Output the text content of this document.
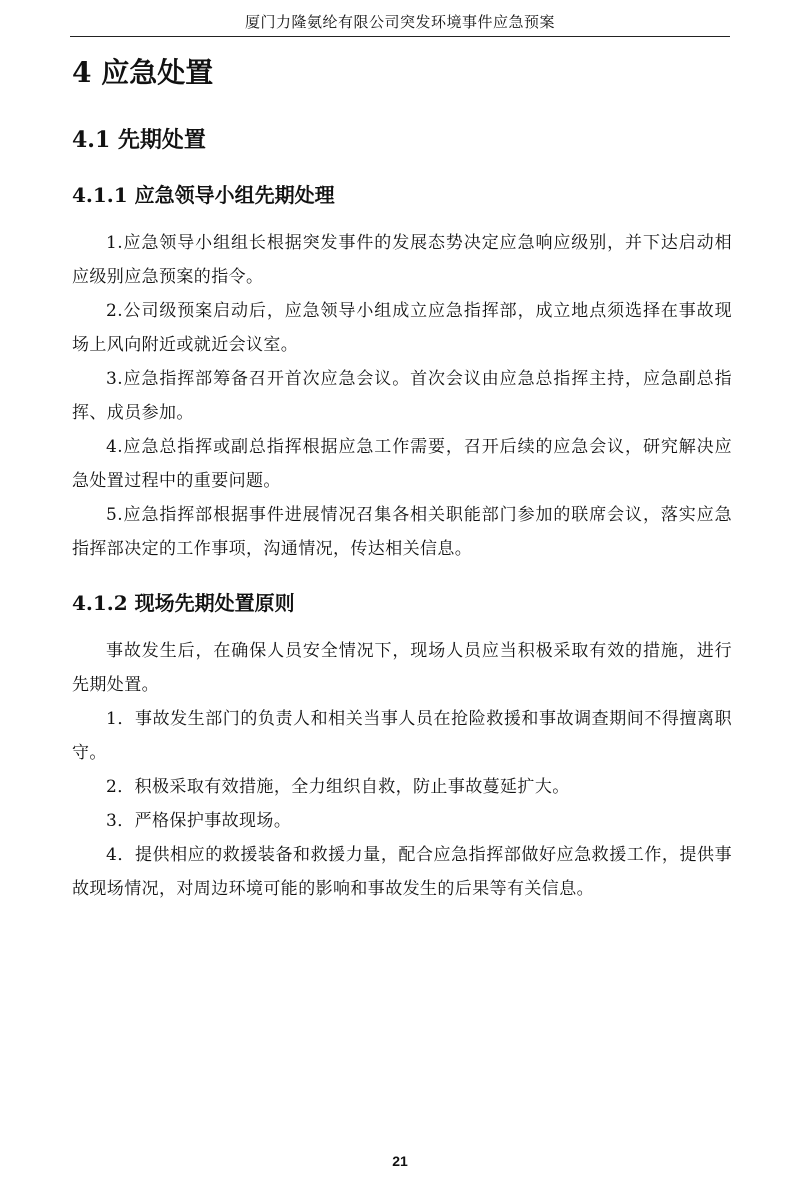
厦门力隆氨纶有限公司突发环境事件应急预案
4 应急处置
4.1 先期处置
4.1.1 应急领导小组先期处理

1.应急领导小组组长根据突发事件的发展态势决定应急响应级别，并下达启动相应级别应急预案的指令。

2.公司级预案启动后，应急领导小组成立应急指挥部，成立地点须选择在事故现场上风向附近或就近会议室。

3.应急指挥部筹备召开首次应急会议。首次会议由应急总指挥主持，应急副总指挥、成员参加。

4.应急总指挥或副总指挥根据应急工作需要，召开后续的应急会议，研究解决应急处置过程中的重要问题。

5.应急指挥部根据事件进展情况召集各相关职能部门参加的联席会议，落实应急指挥部决定的工作事项，沟通情况，传达相关信息。

4.1.2 现场先期处置原则

事故发生后，在确保人员安全情况下，现场人员应当积极采取有效的措施，进行先期处置。

1．事故发生部门的负责人和相关当事人员在抢险救援和事故调查期间不得擅离职守。

2．积极采取有效措施，全力组织自救，防止事故蔓延扩大。

3．严格保护事故现场。

4．提供相应的救援装备和救援力量，配合应急指挥部做好应急救援工作，提供事故现场情况，对周边环境可能的影响和事故发生的后果等有关信息。

21
